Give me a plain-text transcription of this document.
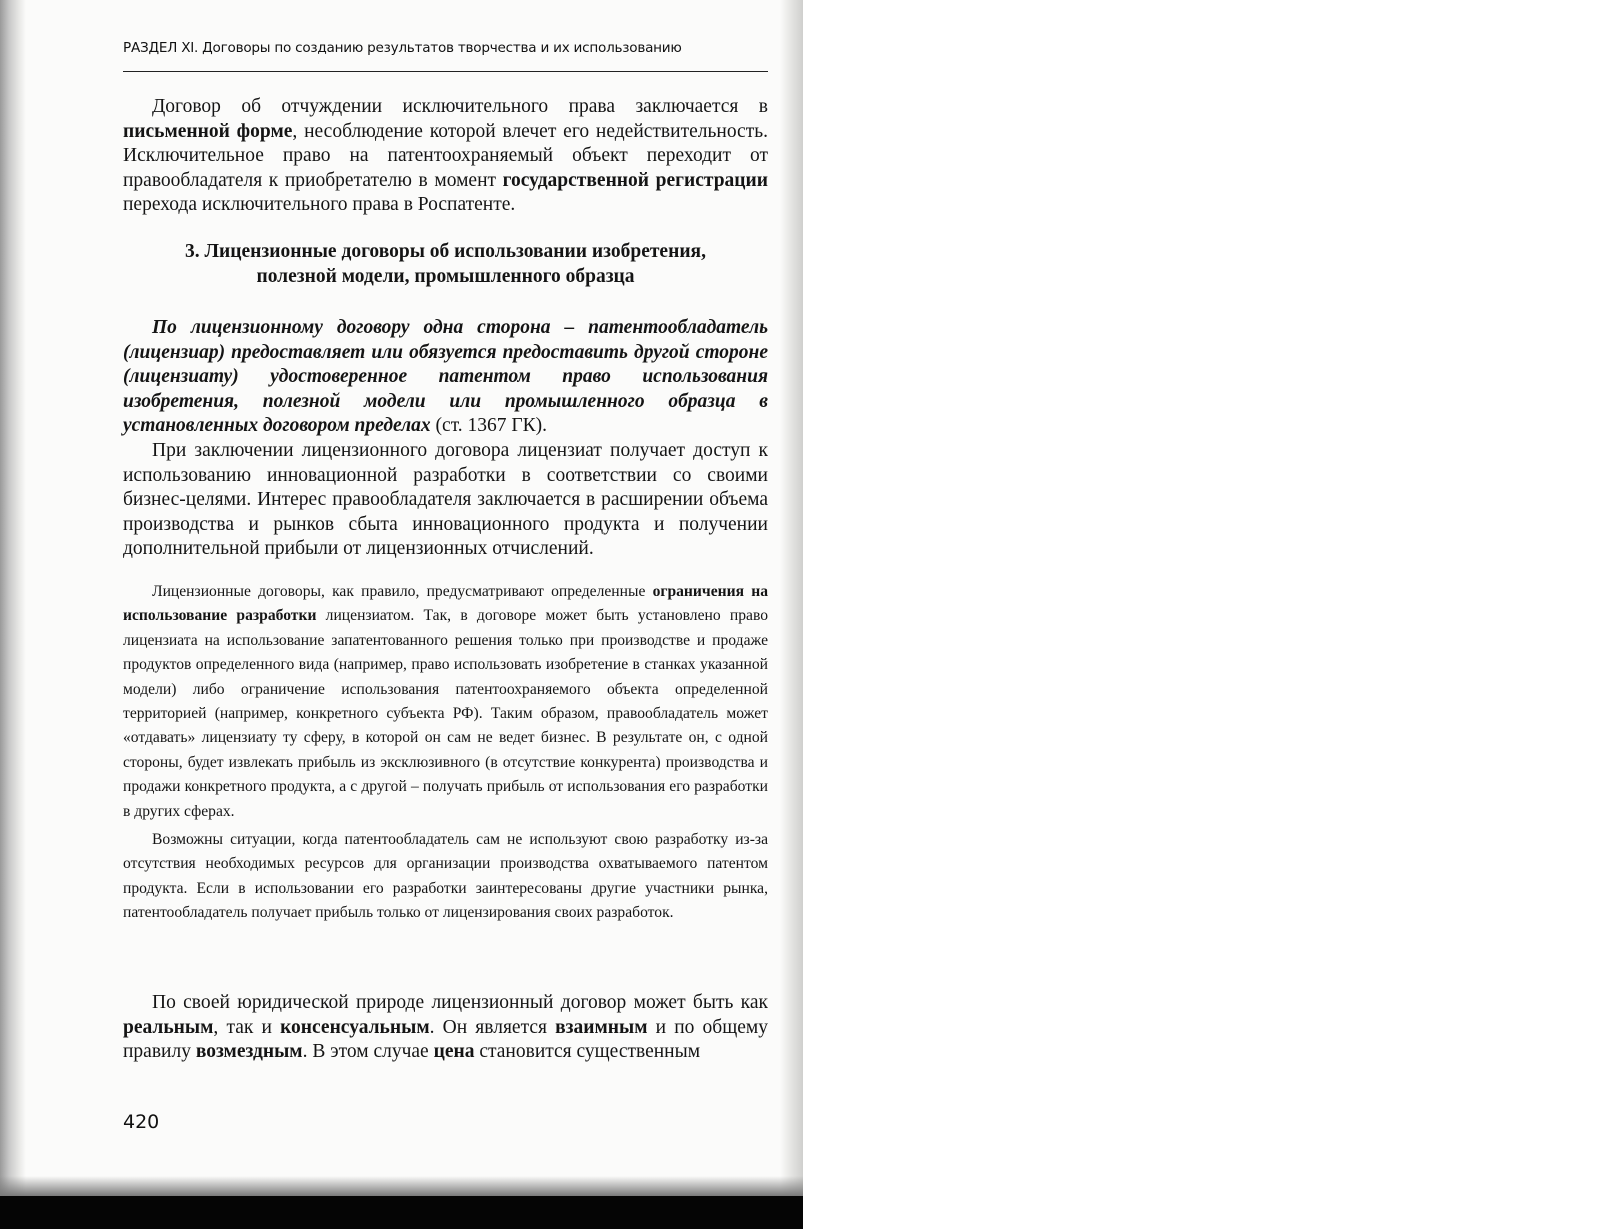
РАЗДЕЛ XI. Договоры по созданию результатов творчества и их использованию

Договор об отчуждении исключительного права заключается в письменной форме, несоблюдение которой влечет его недействительность. Исключительное право на патентоохраняемый объект переходит от правообладателя к приобретателю в момент государственной регистрации перехода исключительного права в Роспатенте.

3. Лицензионные договоры об использовании изобретения,

полезной модели, промышленного образца

По лицензионному договору одна сторона – патентообладатель (лицензиар) предоставляет или обязуется предоставить другой стороне (лицензиату) удостоверенное патентом право использования изобретения, полезной модели или промышленного образца в установленных договором пределах (ст. 1367 ГК).

При заключении лицензионного договора лицензиат получает доступ к использованию инновационной разработки в соответствии со своими бизнес-целями. Интерес правообладателя заключается в расширении объема производства и рынков сбыта инновационного продукта и получении дополнительной прибыли от лицензионных отчислений.

Лицензионные договоры, как правило, предусматривают определенные ограничения на использование разработки лицензиатом. Так, в договоре может быть установлено право лицензиата на использование запатентованного решения только при производстве и продаже продуктов определенного вида (например, право использовать изобретение в станках указанной модели) либо ограничение использования патентоохраняемого объекта определенной территорией (например, конкретного субъекта РФ). Таким образом, правообладатель может «отдавать» лицензиату ту сферу, в которой он сам не ведет бизнес. В результате он, с одной стороны, будет извлекать прибыль из эксклюзивного (в отсутствие конкурента) производства и продажи конкретного продукта, а с другой – получать прибыль от использования его разработки в других сферах.

Возможны ситуации, когда патентообладатель сам не используют свою разработку из-за отсутствия необходимых ресурсов для организации производства охватываемого патентом продукта. Если в использовании его разработки заинтересованы другие участники рынка, патентообладатель получает прибыль только от лицензирования своих разработок.

По своей юридической природе лицензионный договор может быть как реальным, так и консенсуальным. Он является взаимным и по общему правилу возмездным. В этом случае цена становится существенным

420
